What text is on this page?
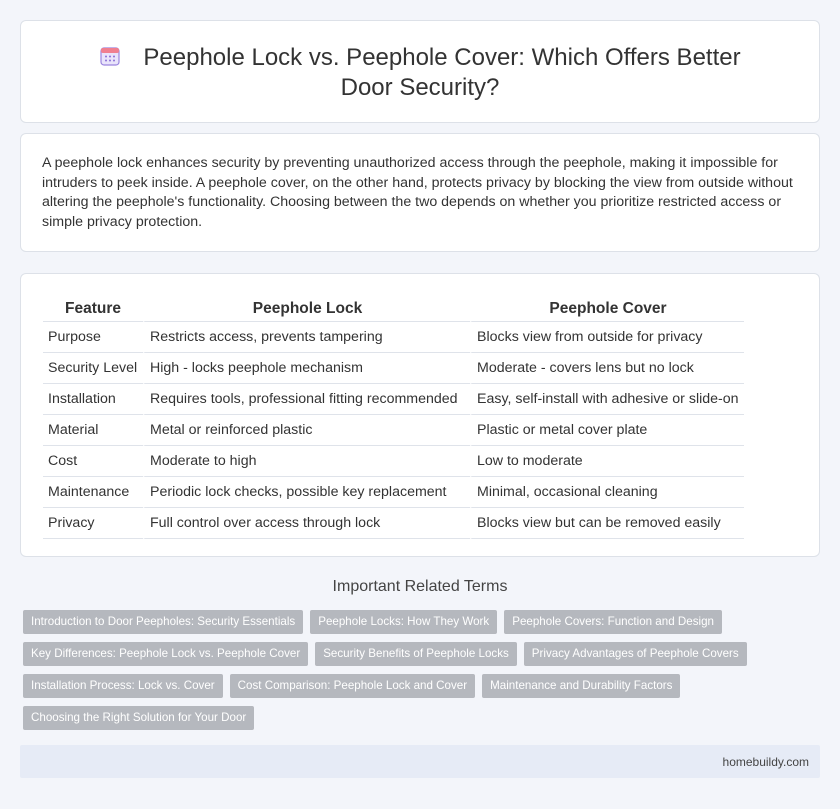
Peephole Lock vs. Peephole Cover: Which Offers Better Door Security?

A peephole lock enhances security by preventing unauthorized access through the peephole, making it impossible for intruders to peek inside. A peephole cover, on the other hand, protects privacy by blocking the view from outside without altering the peephole's functionality. Choosing between the two depends on whether you prioritize restricted access or simple privacy protection.

Feature	Peephole Lock	Peephole Cover
Purpose	Restricts access, prevents tampering	Blocks view from outside for privacy
Security Level	High - locks peephole mechanism	Moderate - covers lens but no lock
Installation	Requires tools, professional fitting recommended	Easy, self-install with adhesive or slide-on
Material	Metal or reinforced plastic	Plastic or metal cover plate
Cost	Moderate to high	Low to moderate
Maintenance	Periodic lock checks, possible key replacement	Minimal, occasional cleaning
Privacy	Full control over access through lock	Blocks view but can be removed easily
Important Related Terms
Introduction to Door Peepholes: Security Essentials	Peephole Locks: How They Work	Peephole Covers: Function and Design
Key Differences: Peephole Lock vs. Peephole Cover	Security Benefits of Peephole Locks	Privacy Advantages of Peephole Covers
Installation Process: Lock vs. Cover	Cost Comparison: Peephole Lock and Cover	Maintenance and Durability Factors
Choosing the Right Solution for Your Door
homebuildy.com
